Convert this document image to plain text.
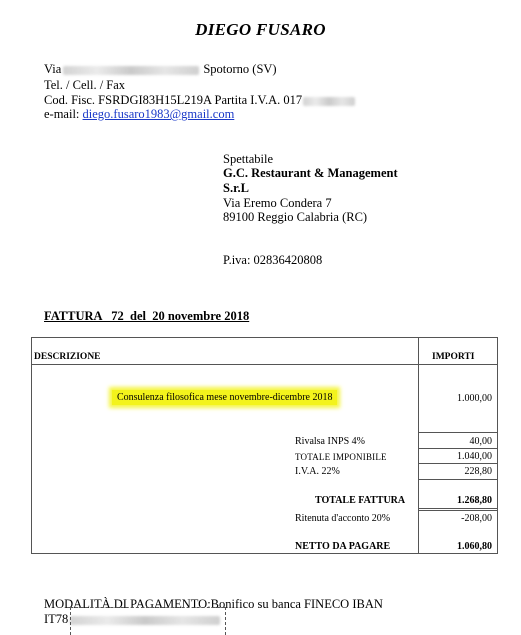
DIEGO FUSARO
Via	Spotorno (SV)
Tel. / Cell. / Fax
Cod. Fisc. FSRDGI83H15L219A Partita I.V.A. 017
e-mail: diego.fusaro1983@gmail.com
Spettabile
G.C. Restaurant & Management
S.r.L
Via Eremo Condera 7
89100 Reggio Calabria (RC)
P.iva: 02836420808
FATTURA   72  del  20 novembre 2018
DESCRIZIONE	IMPORTI
Consulenza filosofica mese novembre-dicembre 2018	1.000,00
Rivalsa INPS 4%	40,00
TOTALE IMPONIBILE	1.040,00
I.V.A. 22%	228,80
TOTALE FATTURA	1.268,80
Ritenuta d'acconto 20%	-208,00
NETTO DA PAGARE	1.060,80
MODALITÀ DI PAGAMENTO:Bonifico su banca FINECO IBAN
IT78
